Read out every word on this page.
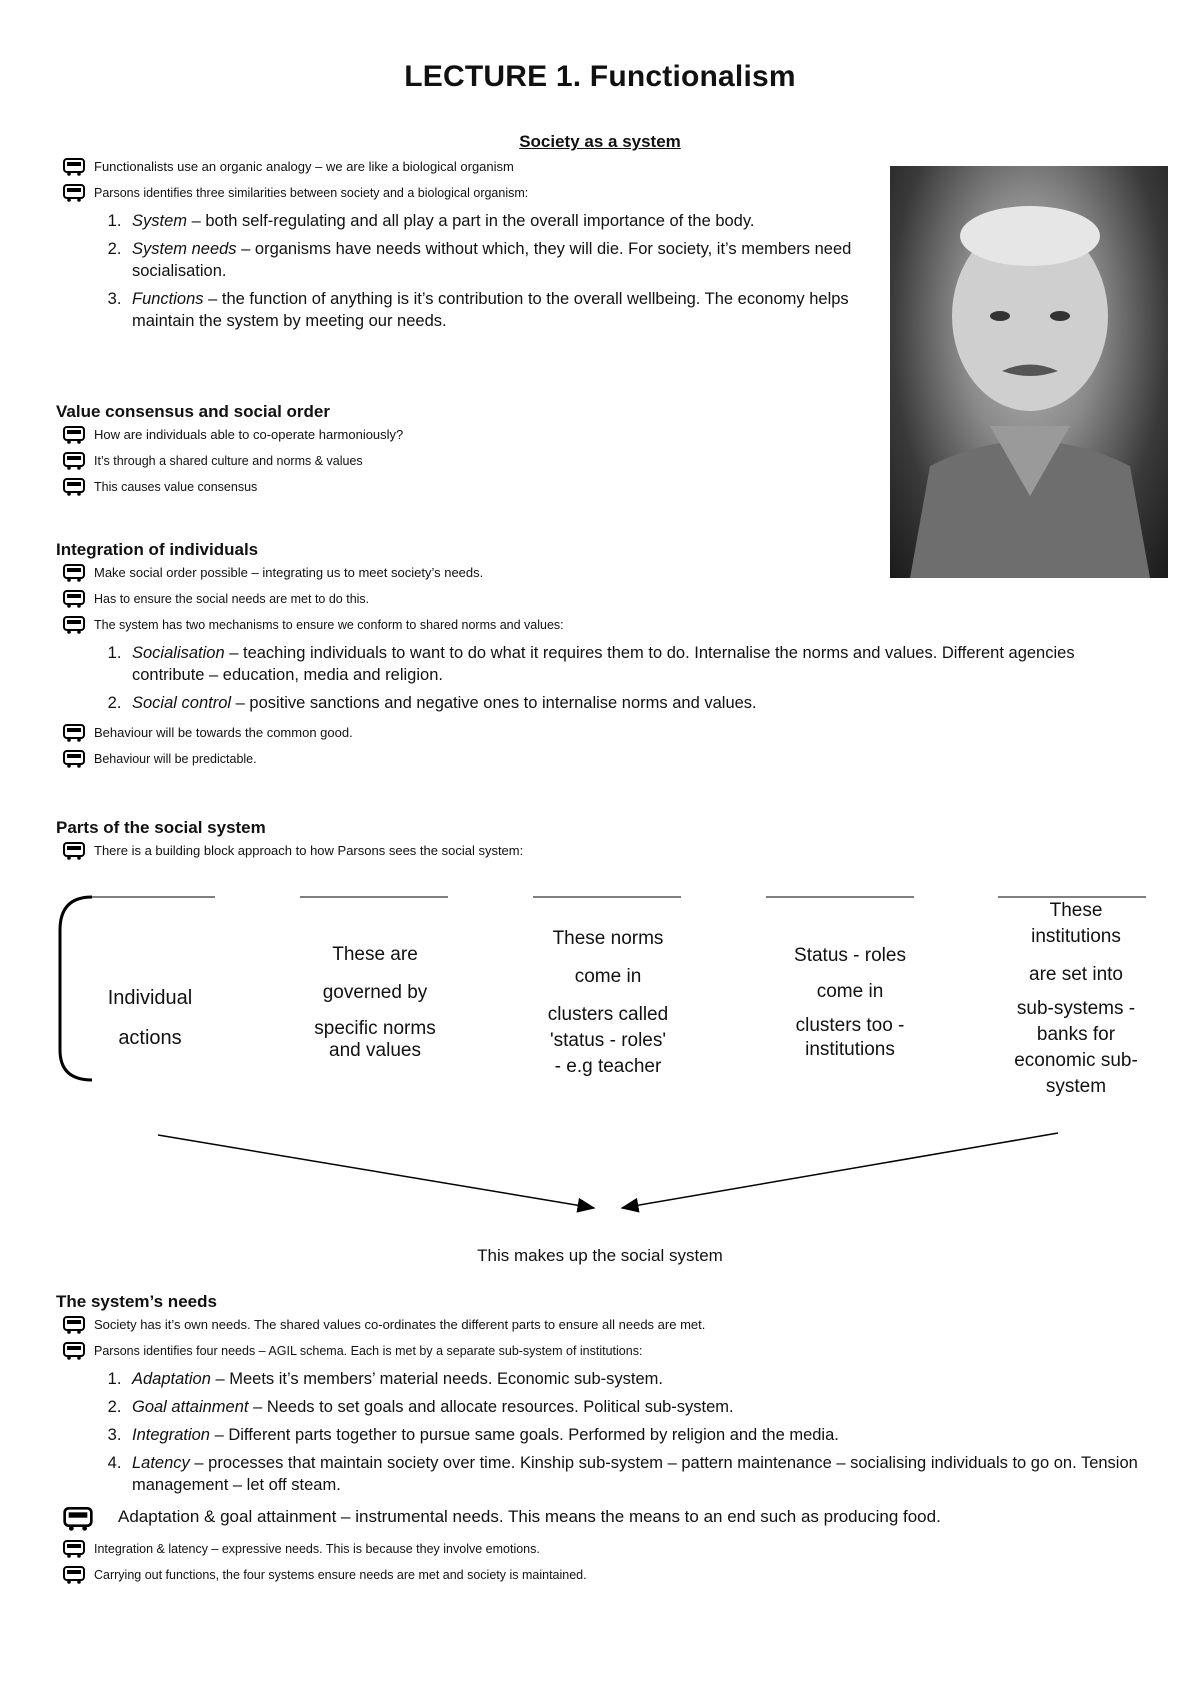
LECTURE 1. Functionalism
Society as a system
Functionalists use an organic analogy – we are like a biological organism
Parsons identifies three similarities between society and a biological organism:
1. System – both self-regulating and all play a part in the overall importance of the body.
2. System needs – organisms have needs without which, they will die. For society, it’s members need socialisation.
3. Functions – the function of anything is it’s contribution to the overall wellbeing. The economy helps maintain the system by meeting our needs.
Value consensus and social order
How are individuals able to co-operate harmoniously?
It’s through a shared culture and norms & values
This causes value consensus
Integration of individuals
Make social order possible – integrating us to meet society’s needs.
Has to ensure the social needs are met to do this.
The system has two mechanisms to ensure we conform to shared norms and values:
1. Socialisation – teaching individuals to want to do what it requires them to do. Internalise the norms and values. Different agencies contribute – education, media and religion.
2. Social control – positive sanctions and negative ones to internalise norms and values.
Behaviour will be towards the common good.
Behaviour will be predictable.
Parts of the social system
There is a building block approach to how Parsons sees the social system:
Individual
actions
These are
governed by
specific norms
and values
These norms
come in
clusters called
'status - roles'
- e.g teacher
Status - roles
come in
clusters too -
institutions
These
institutions
are set into
sub-systems -
banks for
economic sub-
system
This makes up the social system
The system’s needs
Society has it’s own needs. The shared values co-ordinates the different parts to ensure all needs are met.
Parsons identifies four needs – AGIL schema. Each is met by a separate sub-system of institutions:
1. Adaptation – Meets it’s members’ material needs. Economic sub-system.
2. Goal attainment – Needs to set goals and allocate resources. Political sub-system.
3. Integration – Different parts together to pursue same goals. Performed by religion and the media.
4. Latency – processes that maintain society over time. Kinship sub-system – pattern maintenance – socialising individuals to go on. Tension management – let off steam.
Adaptation & goal attainment – instrumental needs. This means the means to an end such as producing food.
Integration & latency – expressive needs. This is because they involve emotions.
Carrying out functions, the four systems ensure needs are met and society is maintained.
